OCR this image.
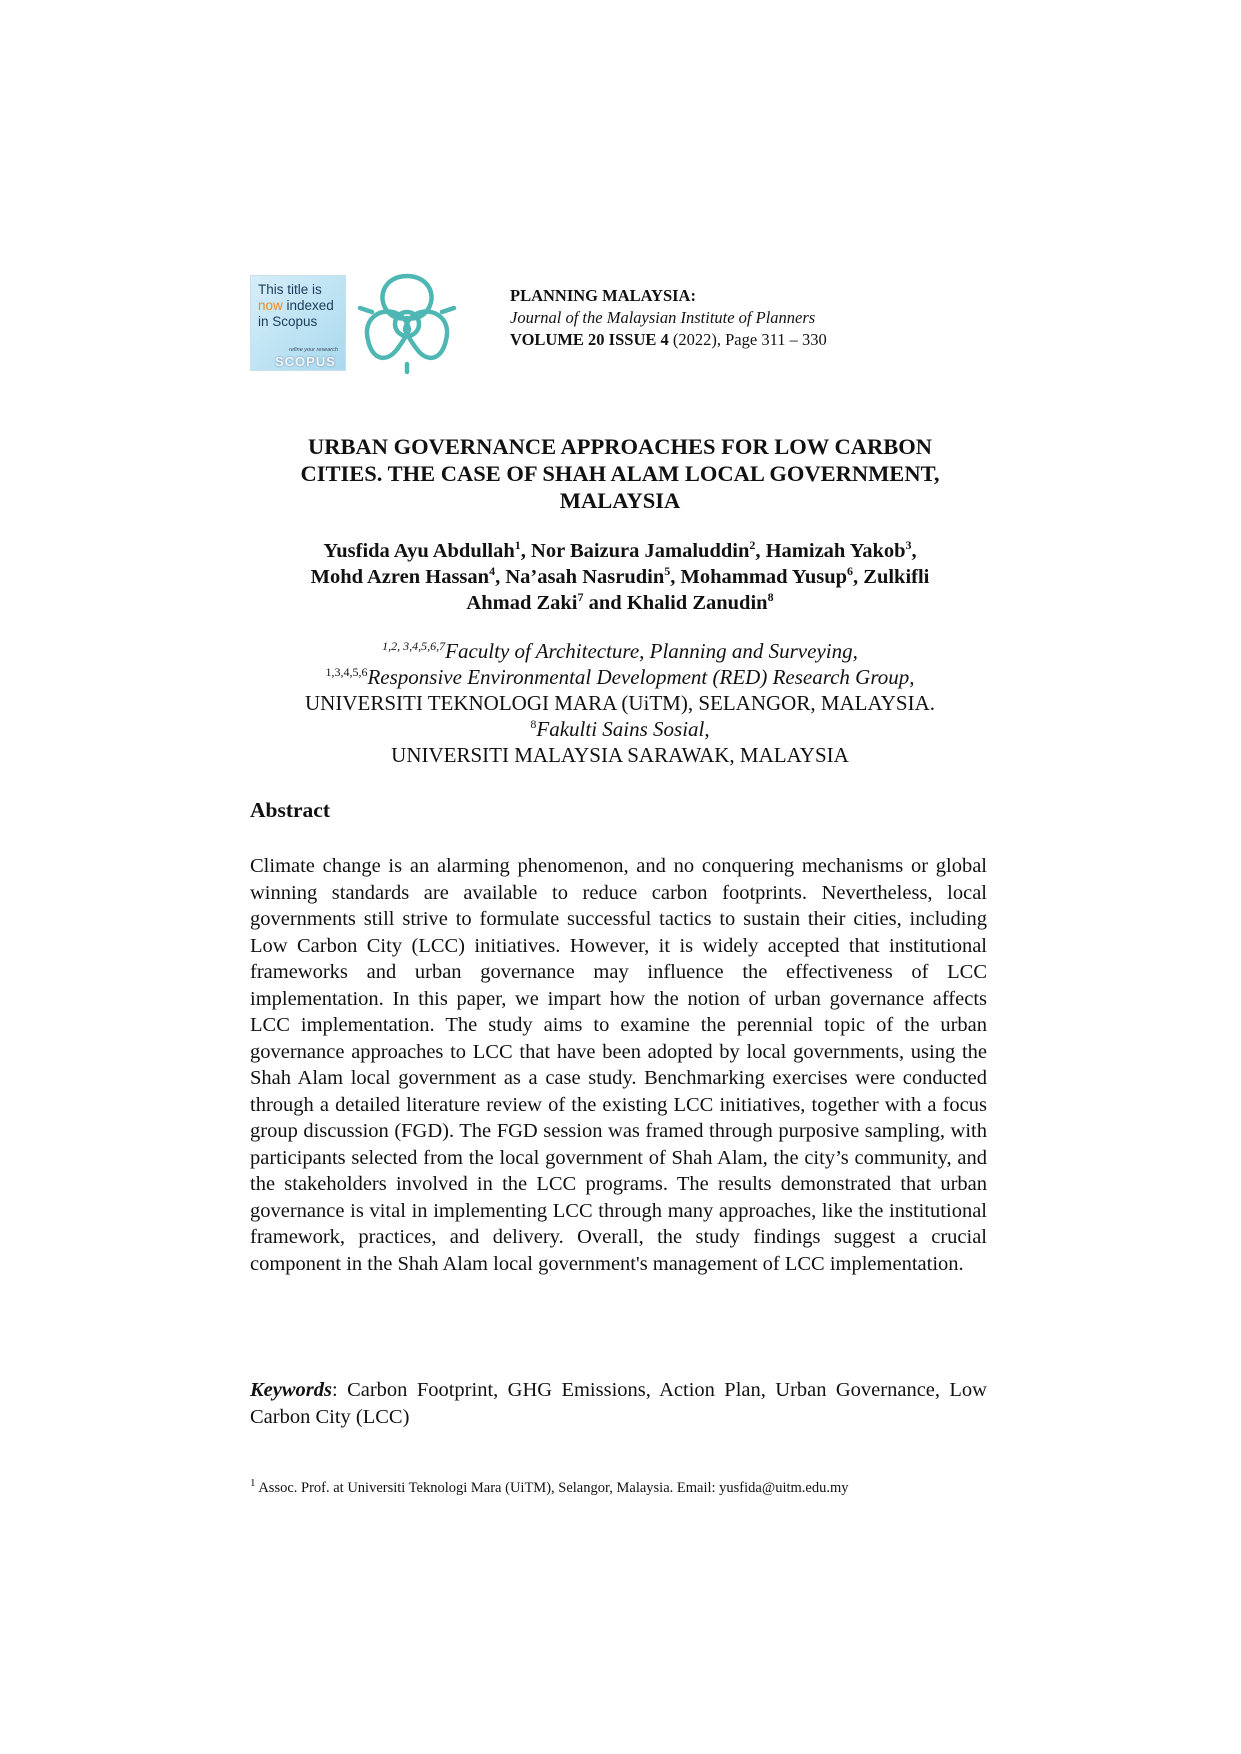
This title is
now indexed
in Scopus
refine your research
SCOPUS
PLANNING MALAYSIA:
Journal of the Malaysian Institute of Planners
VOLUME 20 ISSUE 4 (2022), Page 311 – 330
URBAN GOVERNANCE APPROACHES FOR LOW CARBON
CITIES. THE CASE OF SHAH ALAM LOCAL GOVERNMENT,
MALAYSIA
Yusfida Ayu Abdullah$^1$, Nor Baizura Jamaluddin$^2$, Hamizah Yakob$^3$,
Mohd Azren Hassan$^4$, Na’asah Nasrudin$^5$, Mohammad Yusup$^6$, Zulkifli
Ahmad Zaki$^7$ and Khalid Zanudin$^8$
$^{1,2, 3,4,5,6,7}$Faculty of Architecture, Planning and Surveying,
$^{1,3,4,5,6}$Responsive Environmental Development (RED) Research Group,
UNIVERSITI TEKNOLOGI MARA (UiTM), SELANGOR, MALAYSIA.
$^8$Fakulti Sains Sosial,
UNIVERSITI MALAYSIA SARAWAK, MALAYSIA
Abstract
Climate change is an alarming phenomenon, and no conquering mechanisms or global winning standards are available to reduce carbon footprints. Nevertheless, local governments still strive to formulate successful tactics to sustain their cities, including Low Carbon City (LCC) initiatives. However, it is widely accepted that institutional frameworks and urban governance may influence the effectiveness of LCC implementation. In this paper, we impart how the notion of urban governance affects LCC implementation. The study aims to examine the perennial topic of the urban governance approaches to LCC that have been adopted by local governments, using the Shah Alam local government as a case study. Benchmarking exercises were conducted through a detailed literature review of the existing LCC initiatives, together with a focus group discussion (FGD). The FGD session was framed through purposive sampling, with participants selected from the local government of Shah Alam, the city’s community, and the stakeholders involved in the LCC programs. The results demonstrated that urban governance is vital in implementing LCC through many approaches, like the institutional framework, practices, and delivery. Overall, the study findings suggest a crucial component in the Shah Alam local government's management of LCC implementation.
Keywords: Carbon Footprint, GHG Emissions, Action Plan, Urban Governance, Low Carbon City (LCC)
$^1$ Assoc. Prof. at Universiti Teknologi Mara (UiTM), Selangor, Malaysia. Email: yusfida@uitm.edu.my
